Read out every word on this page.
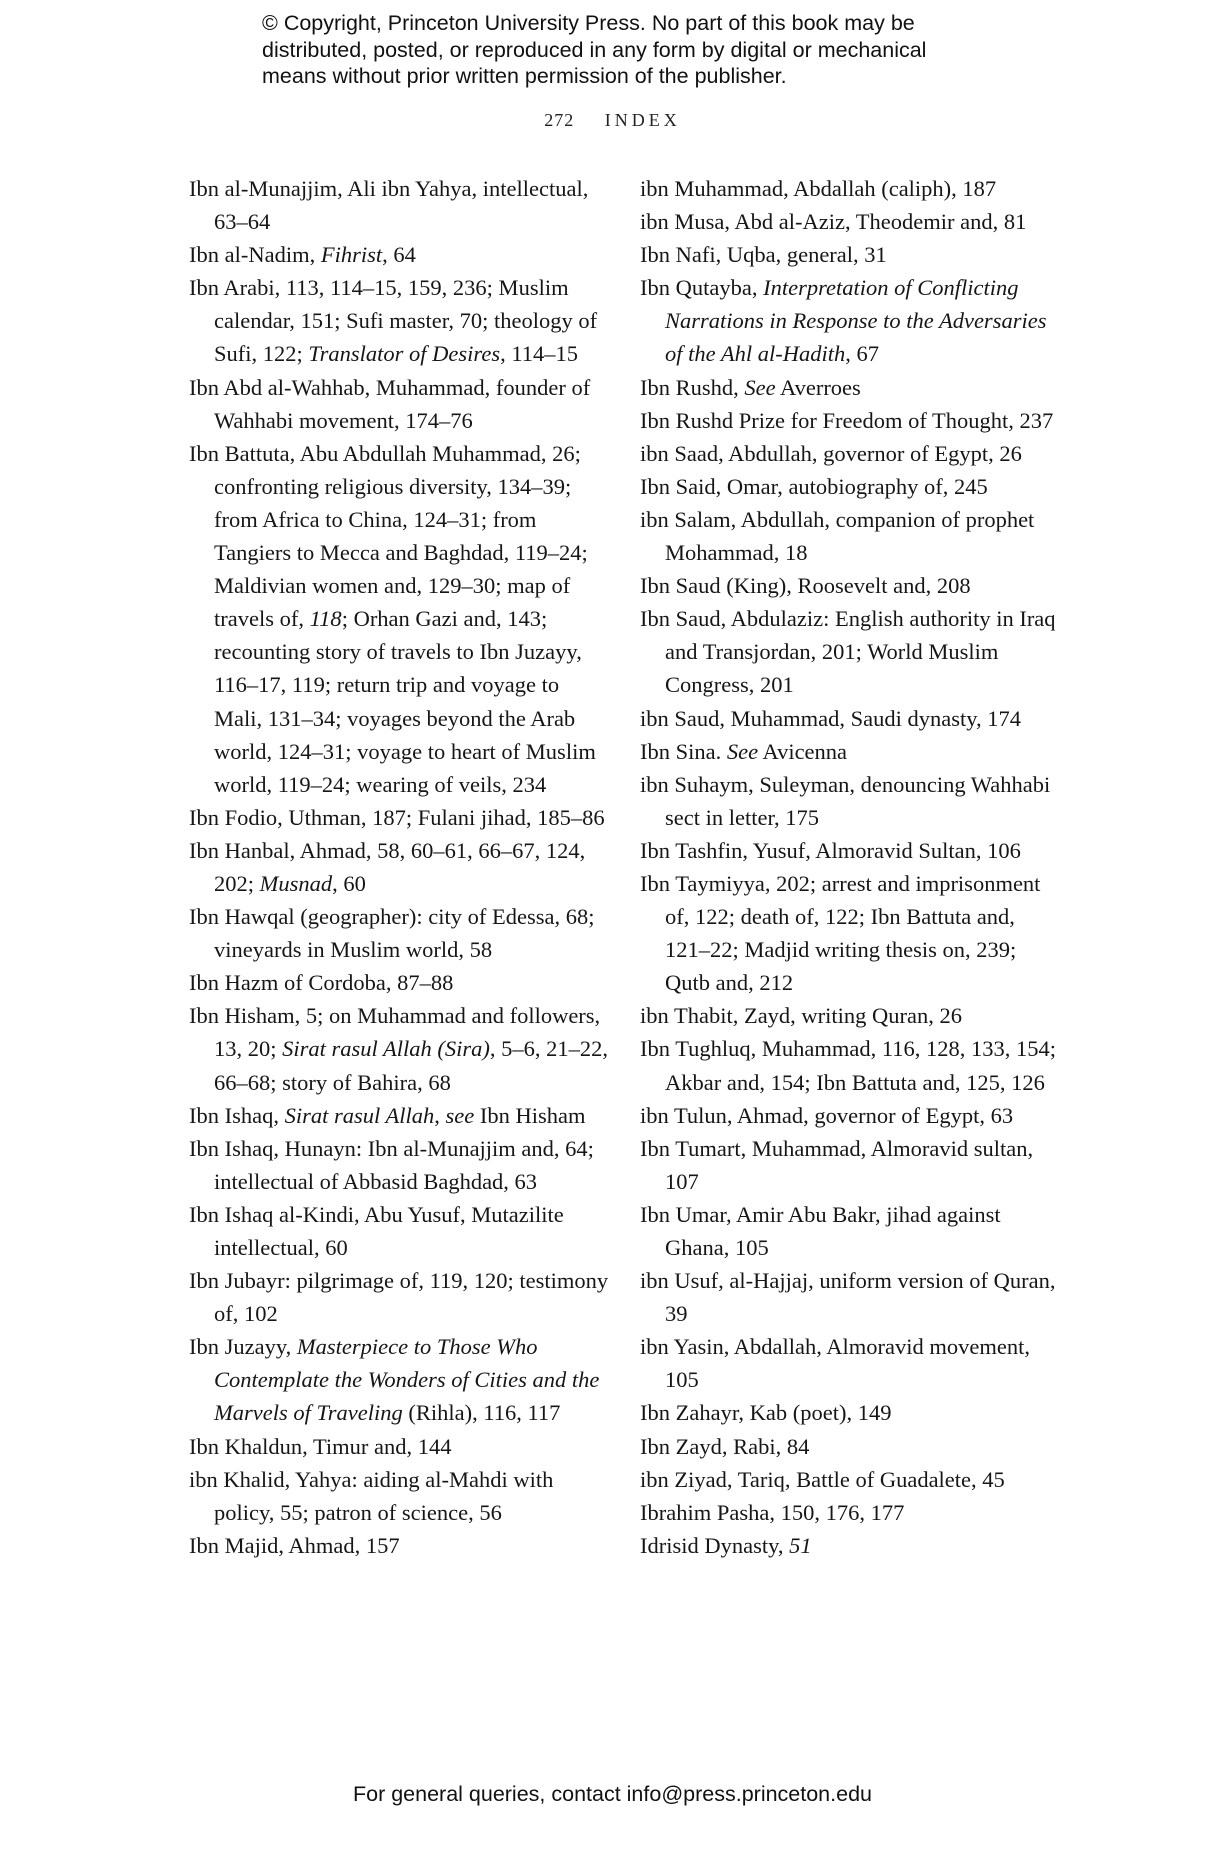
© Copyright, Princeton University Press. No part of this book may be
distributed, posted, or reproduced in any form by digital or mechanical
means without prior written permission of the publisher.
272 INDEX

Ibn al-Munajjim, Ali ibn Yahya, intellectual, 63–64

Ibn al-Nadim, Fihrist, 64

Ibn Arabi, 113, 114–15, 159, 236; Muslim calendar, 151; Sufi master, 70; theology of Sufi, 122; Translator of Desires, 114–15

Ibn Abd al-Wahhab, Muhammad, founder of Wahhabi movement, 174–76

Ibn Battuta, Abu Abdullah Muhammad, 26; confronting religious diversity, 134–39; from Africa to China, 124–31; from Tangiers to Mecca and Baghdad, 119–24; Maldivian women and, 129–30; map of travels of, 118; Orhan Gazi and, 143; recounting story of travels to Ibn Juzayy, 116–17, 119; return trip and voyage to Mali, 131–34; voyages beyond the Arab world, 124–31; voyage to heart of Muslim world, 119–24; wearing of veils, 234

Ibn Fodio, Uthman, 187; Fulani jihad, 185–86

Ibn Hanbal, Ahmad, 58, 60–61, 66–67, 124, 202; Musnad, 60

Ibn Hawqal (geographer): city of Edessa, 68; vineyards in Muslim world, 58

Ibn Hazm of Cordoba, 87–88

Ibn Hisham, 5; on Muhammad and followers, 13, 20; Sirat rasul Allah (Sira), 5–6, 21–22, 66–68; story of Bahira, 68

Ibn Ishaq, Sirat rasul Allah, see Ibn Hisham

Ibn Ishaq, Hunayn: Ibn al-Munajjim and, 64; intellectual of Abbasid Baghdad, 63

Ibn Ishaq al-Kindi, Abu Yusuf, Mutazilite intellectual, 60

Ibn Jubayr: pilgrimage of, 119, 120; testimony of, 102

Ibn Juzayy, Masterpiece to Those Who Contemplate the Wonders of Cities and the Marvels of Traveling (Rihla), 116, 117

Ibn Khaldun, Timur and, 144

ibn Khalid, Yahya: aiding al-Mahdi with policy, 55; patron of science, 56

Ibn Majid, Ahmad, 157

ibn Muhammad, Abdallah (caliph), 187

ibn Musa, Abd al-Aziz, Theodemir and, 81

Ibn Nafi, Uqba, general, 31

Ibn Qutayba, Interpretation of Conflicting Narrations in Response to the Adversaries of the Ahl al-Hadith, 67

Ibn Rushd, See Averroes

Ibn Rushd Prize for Freedom of Thought, 237

ibn Saad, Abdullah, governor of Egypt, 26

Ibn Said, Omar, autobiography of, 245

ibn Salam, Abdullah, companion of prophet Mohammad, 18

Ibn Saud (King), Roosevelt and, 208

Ibn Saud, Abdulaziz: English authority in Iraq and Transjordan, 201; World Muslim Congress, 201

ibn Saud, Muhammad, Saudi dynasty, 174

Ibn Sina. See Avicenna

ibn Suhaym, Suleyman, denouncing Wahhabi sect in letter, 175

Ibn Tashfin, Yusuf, Almoravid Sultan, 106

Ibn Taymiyya, 202; arrest and imprisonment of, 122; death of, 122; Ibn Battuta and, 121–22; Madjid writing thesis on, 239; Qutb and, 212

ibn Thabit, Zayd, writing Quran, 26

Ibn Tughluq, Muhammad, 116, 128, 133, 154; Akbar and, 154; Ibn Battuta and, 125, 126

ibn Tulun, Ahmad, governor of Egypt, 63

Ibn Tumart, Muhammad, Almoravid sultan, 107

Ibn Umar, Amir Abu Bakr, jihad against Ghana, 105

ibn Usuf, al-Hajjaj, uniform version of Quran, 39

ibn Yasin, Abdallah, Almoravid movement, 105

Ibn Zahayr, Kab (poet), 149

Ibn Zayd, Rabi, 84

ibn Ziyad, Tariq, Battle of Guadalete, 45

Ibrahim Pasha, 150, 176, 177

Idrisid Dynasty, 51

For general queries, contact info@press.princeton.edu
